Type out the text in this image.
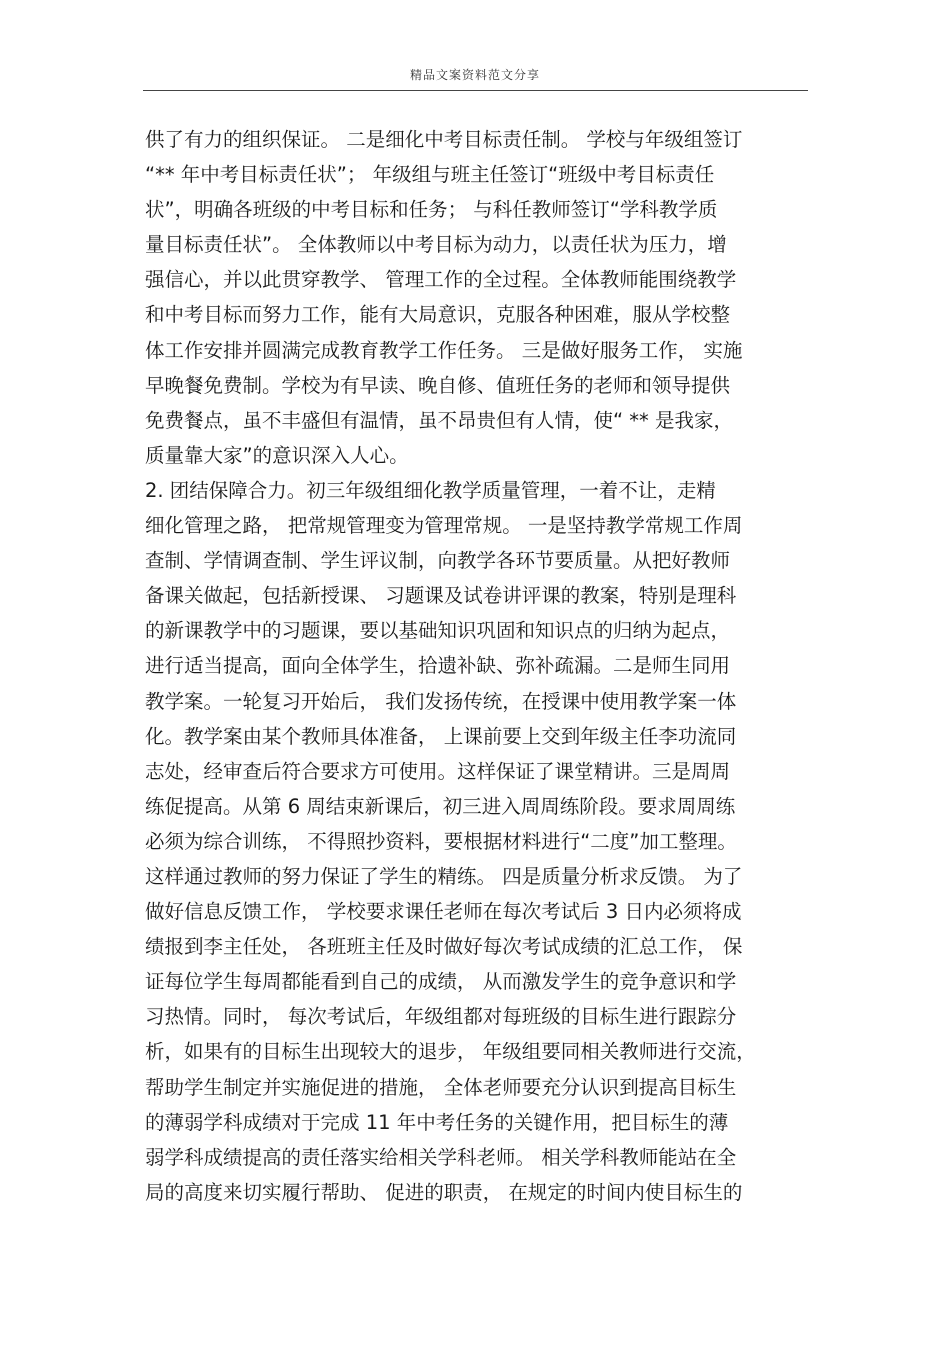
精品文案资料范文分享
供了有力的组织保证。 二是细化中考目标责任制。 学校与年级组签订
“** 年中考目标责任状”； 年级组与班主任签订“班级中考目标责任
状”，明确各班级的中考目标和任务； 与科任教师签订“学科教学质
量目标责任状”。 全体教师以中考目标为动力，以责任状为压力，增
强信心，并以此贯穿教学、 管理工作的全过程。全体教师能围绕教学
和中考目标而努力工作，能有大局意识，克服各种困难，服从学校整
体工作安排并圆满完成教育教学工作任务。 三是做好服务工作， 实施
早晚餐免费制。学校为有早读、晚自修、值班任务的老师和领导提供
免费餐点，虽不丰盛但有温情，虽不昂贵但有人情，使“ ** 是我家，
质量靠大家”的意识深入人心。
2. 团结保障合力。初三年级组细化教学质量管理，一着不让，走精
细化管理之路， 把常规管理变为管理常规。 一是坚持教学常规工作周
查制、学情调查制、学生评议制，向教学各环节要质量。从把好教师
备课关做起，包括新授课、 习题课及试卷讲评课的教案，特别是理科
的新课教学中的习题课，要以基础知识巩固和知识点的归纳为起点，
进行适当提高，面向全体学生，拾遗补缺、弥补疏漏。二是师生同用
教学案。一轮复习开始后， 我们发扬传统，在授课中使用教学案一体
化。教学案由某个教师具体准备， 上课前要上交到年级主任李功流同
志处，经审查后符合要求方可使用。这样保证了课堂精讲。三是周周
练促提高。从第 6 周结束新课后，初三进入周周练阶段。要求周周练
必须为综合训练， 不得照抄资料，要根据材料进行“二度”加工整理。
这样通过教师的努力保证了学生的精练。 四是质量分析求反馈。 为了
做好信息反馈工作， 学校要求课任老师在每次考试后 3 日内必须将成
绩报到李主任处， 各班班主任及时做好每次考试成绩的汇总工作， 保
证每位学生每周都能看到自己的成绩， 从而激发学生的竞争意识和学
习热情。同时， 每次考试后，年级组都对每班级的目标生进行跟踪分
析，如果有的目标生出现较大的退步， 年级组要同相关教师进行交流，
帮助学生制定并实施促进的措施， 全体老师要充分认识到提高目标生
的薄弱学科成绩对于完成 11 年中考任务的关键作用，把目标生的薄
弱学科成绩提高的责任落实给相关学科老师。 相关学科教师能站在全
局的高度来切实履行帮助、 促进的职责， 在规定的时间内使目标生的
